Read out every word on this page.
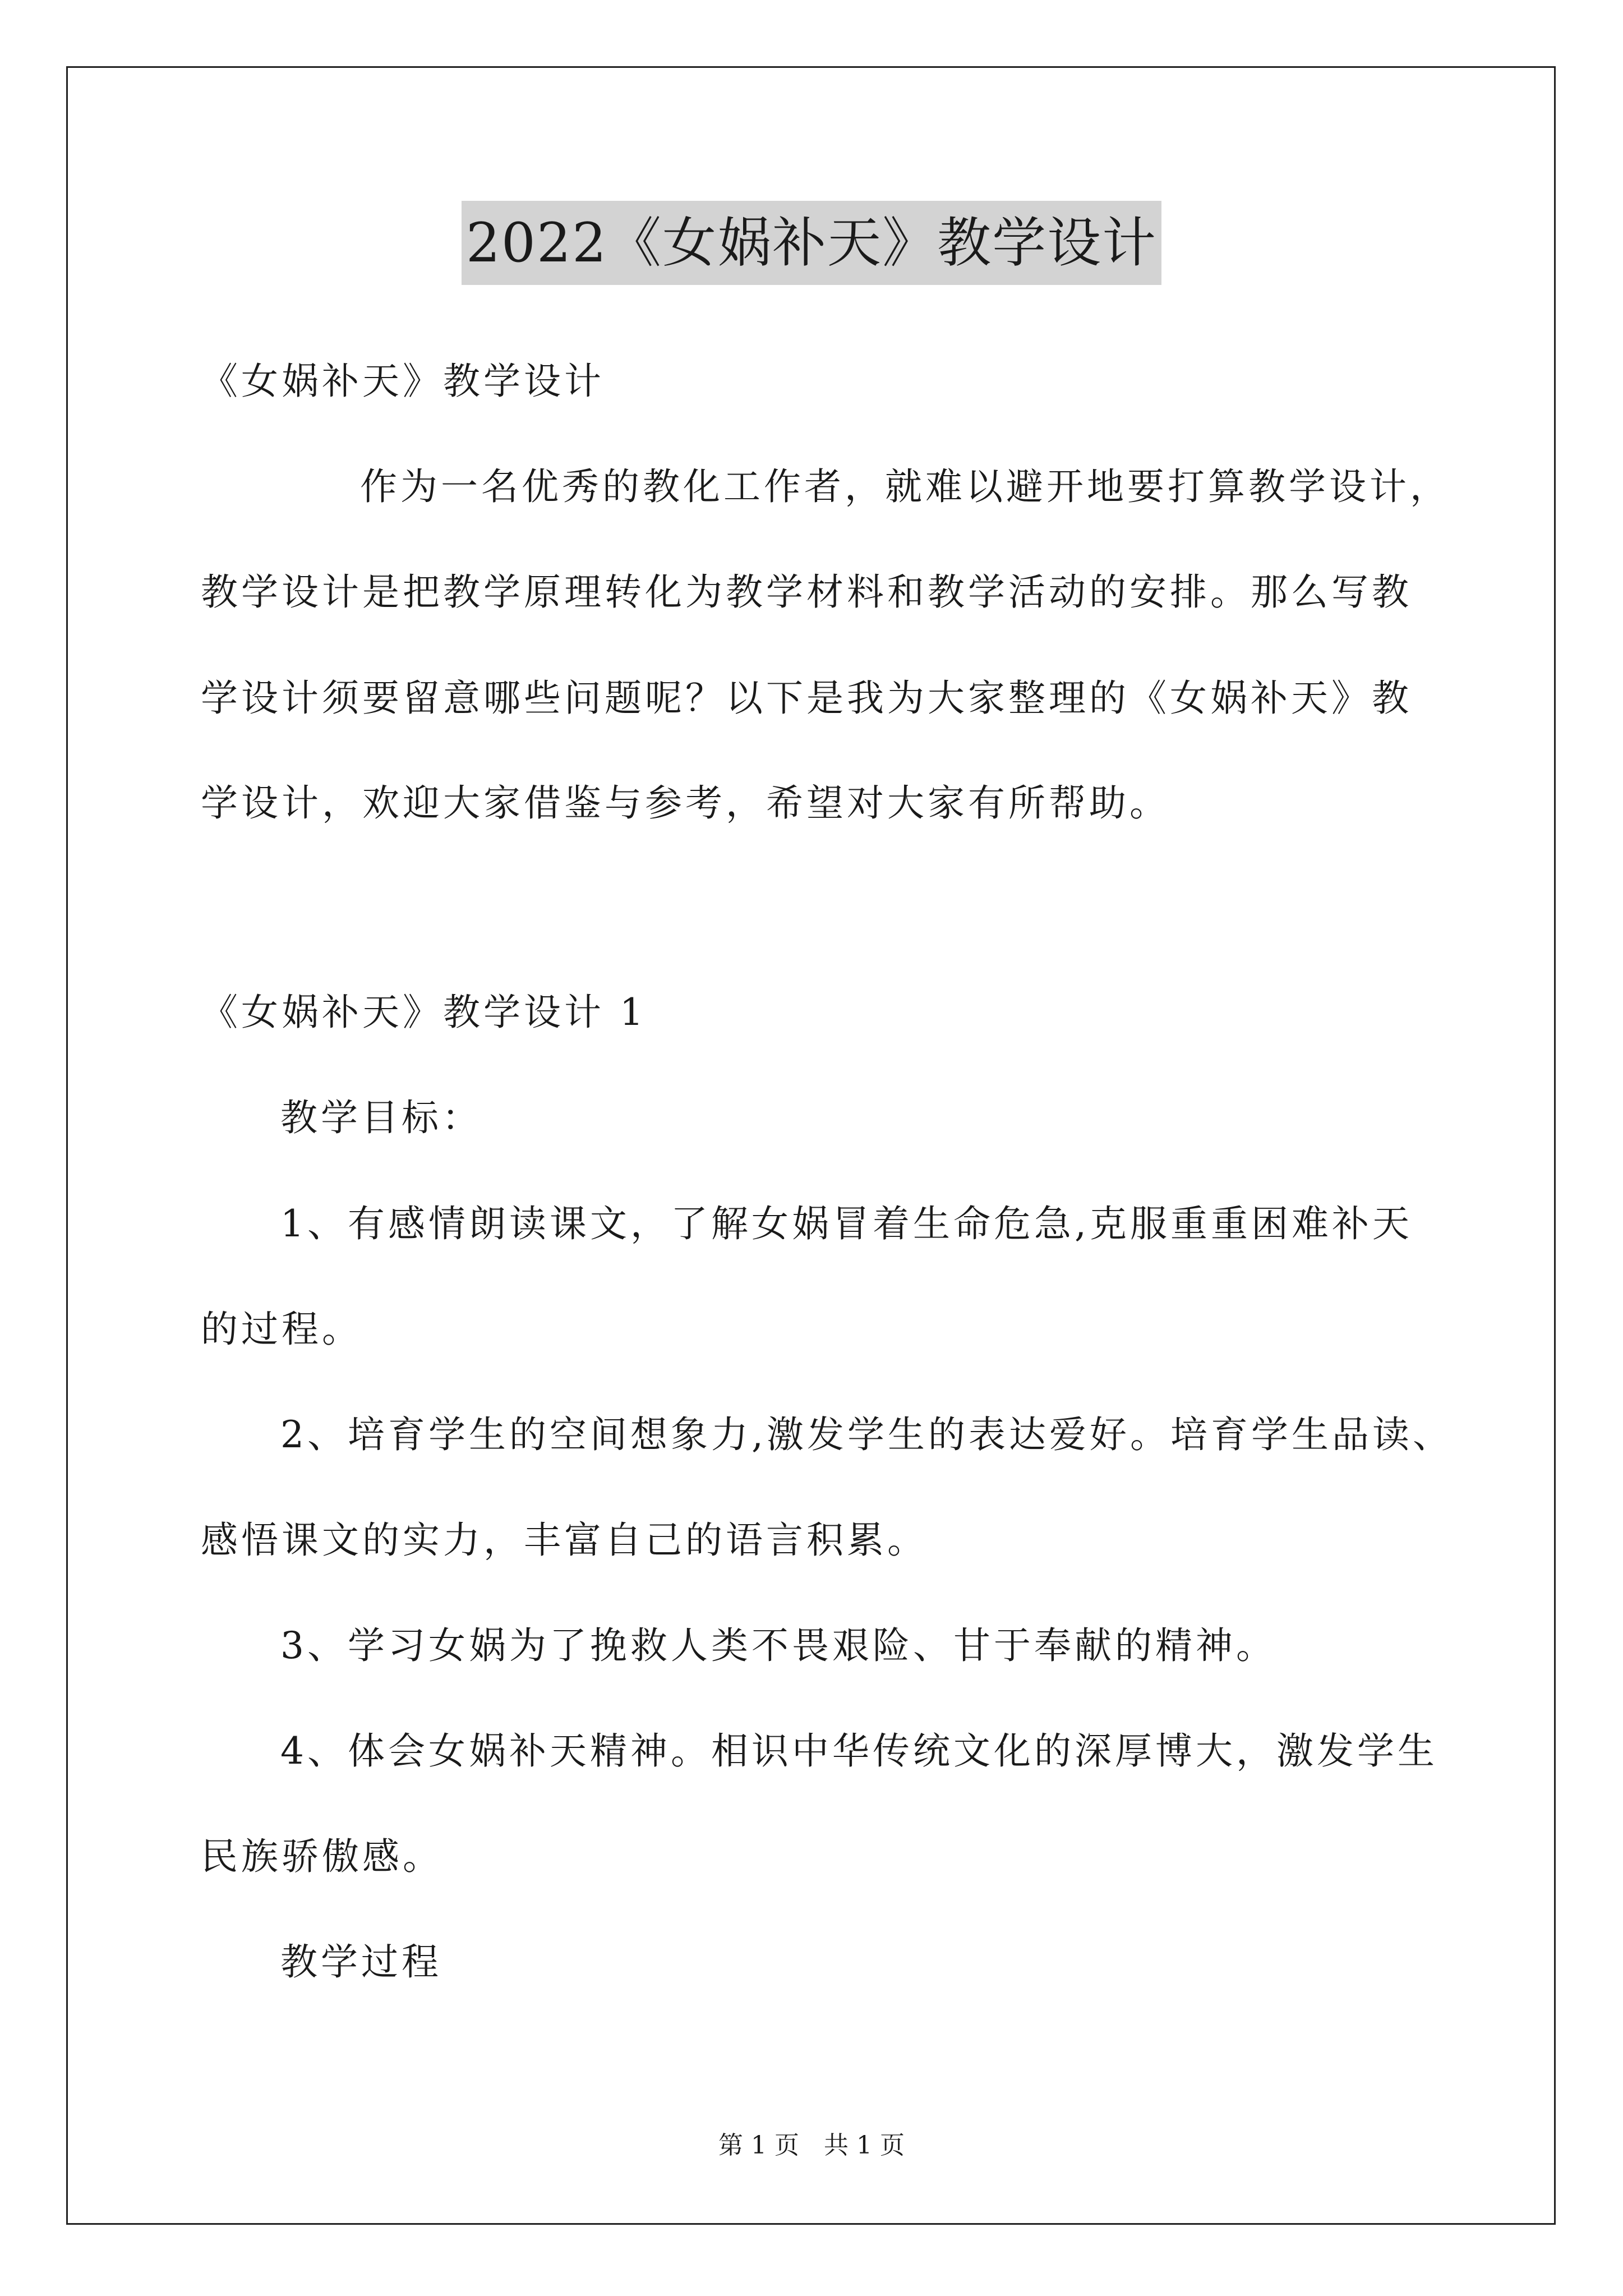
2022《女娲补天》教学设计
《女娲补天》教学设计
作为一名优秀的教化工作者，就难以避开地要打算教学设计，
教学设计是把教学原理转化为教学材料和教学活动的安排。那么写教
学设计须要留意哪些问题呢？以下是我为大家整理的《女娲补天》教
学设计，欢迎大家借鉴与参考，希望对大家有所帮助。
《女娲补天》教学设计 1
教学目标：
1、有感情朗读课文，了解女娲冒着生命危急,克服重重困难补天
的过程。
2、培育学生的空间想象力,激发学生的表达爱好。培育学生品读、
感悟课文的实力，丰富自己的语言积累。
3、学习女娲为了挽救人类不畏艰险、甘于奉献的精神。
4、体会女娲补天精神。相识中华传统文化的深厚博大，激发学生
民族骄傲感。
教学过程
第 1 页　共 1 页
